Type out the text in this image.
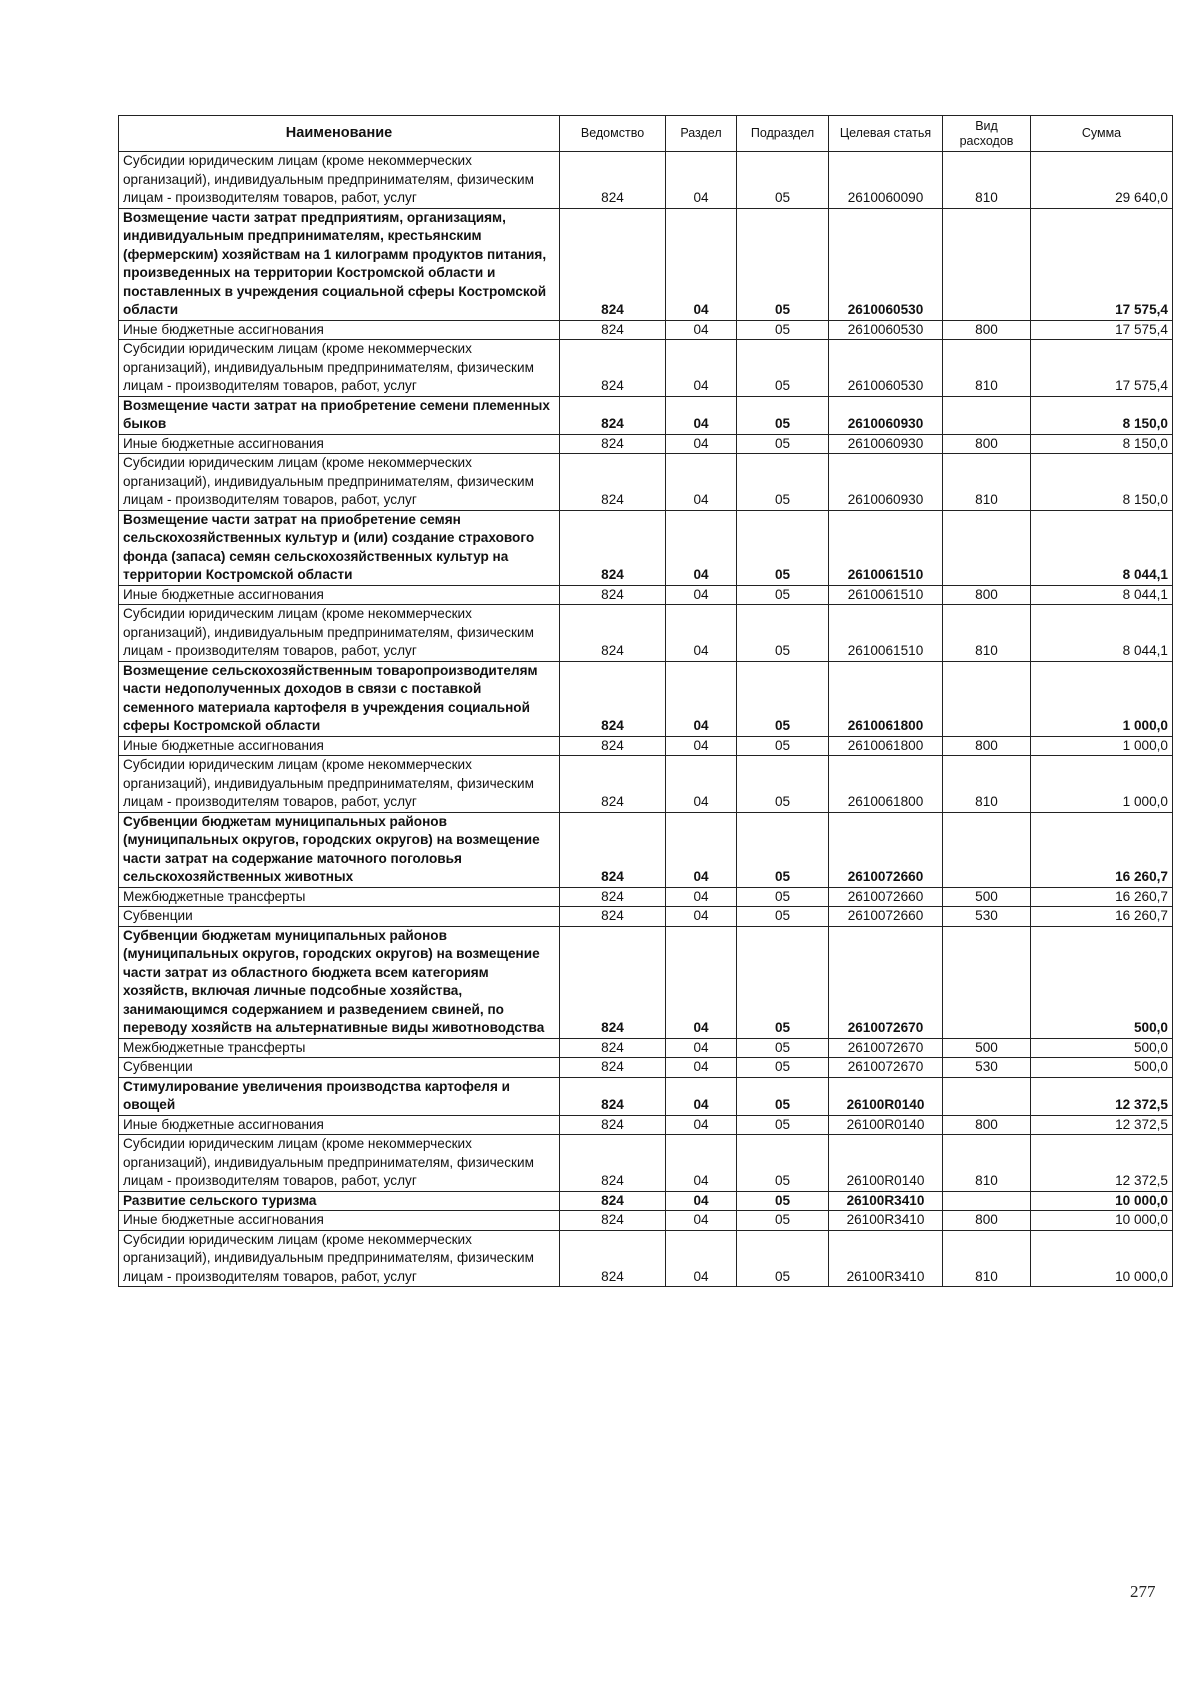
Наименование	Ведомство	Раздел	Подраздел	Целевая статья	Вид расходов	Сумма
Субсидии юридическим лицам (кроме некоммерческих организаций), индивидуальным предпринимателям, физическим лицам - производителям товаров, работ, услуг	824	04	05	2610060090	810	29 640,0
Возмещение части затрат предприятиям, организациям, индивидуальным предпринимателям, крестьянским (фермерским) хозяйствам на 1 килограмм продуктов питания, произведенных на территории Костромской области и поставленных в учреждения социальной сферы Костромской области	824	04	05	2610060530		17 575,4
Иные бюджетные ассигнования	824	04	05	2610060530	800	17 575,4
Субсидии юридическим лицам (кроме некоммерческих организаций), индивидуальным предпринимателям, физическим лицам - производителям товаров, работ, услуг	824	04	05	2610060530	810	17 575,4
Возмещение части затрат на приобретение семени племенных быков	824	04	05	2610060930		8 150,0
Иные бюджетные ассигнования	824	04	05	2610060930	800	8 150,0
Субсидии юридическим лицам (кроме некоммерческих организаций), индивидуальным предпринимателям, физическим лицам - производителям товаров, работ, услуг	824	04	05	2610060930	810	8 150,0
Возмещение части затрат на приобретение семян сельскохозяйственных культур и (или) создание страхового фонда (запаса) семян сельскохозяйственных культур на территории Костромской области	824	04	05	2610061510		8 044,1
Иные бюджетные ассигнования	824	04	05	2610061510	800	8 044,1
Субсидии юридическим лицам (кроме некоммерческих организаций), индивидуальным предпринимателям, физическим лицам - производителям товаров, работ, услуг	824	04	05	2610061510	810	8 044,1
Возмещение сельскохозяйственным товаропроизводителям части недополученных доходов в связи с поставкой семенного материала картофеля в учреждения социальной сферы Костромской области	824	04	05	2610061800		1 000,0
Иные бюджетные ассигнования	824	04	05	2610061800	800	1 000,0
Субсидии юридическим лицам (кроме некоммерческих организаций), индивидуальным предпринимателям, физическим лицам - производителям товаров, работ, услуг	824	04	05	2610061800	810	1 000,0
Субвенции бюджетам муниципальных районов (муниципальных округов, городских округов) на возмещение части затрат на содержание маточного поголовья сельскохозяйственных животных	824	04	05	2610072660		16 260,7
Межбюджетные трансферты	824	04	05	2610072660	500	16 260,7
Субвенции	824	04	05	2610072660	530	16 260,7
Субвенции бюджетам муниципальных районов (муниципальных округов, городских округов) на возмещение части затрат из областного бюджета всем категориям хозяйств, включая личные подсобные хозяйства, занимающимся содержанием и разведением свиней, по переводу хозяйств на альтернативные виды животноводства	824	04	05	2610072670		500,0
Межбюджетные трансферты	824	04	05	2610072670	500	500,0
Субвенции	824	04	05	2610072670	530	500,0
Стимулирование увеличения производства картофеля и овощей	824	04	05	26100R0140		12 372,5
Иные бюджетные ассигнования	824	04	05	26100R0140	800	12 372,5
Субсидии юридическим лицам (кроме некоммерческих организаций), индивидуальным предпринимателям, физическим лицам - производителям товаров, работ, услуг	824	04	05	26100R0140	810	12 372,5
Развитие сельского туризма	824	04	05	26100R3410		10 000,0
Иные бюджетные ассигнования	824	04	05	26100R3410	800	10 000,0
Субсидии юридическим лицам (кроме некоммерческих организаций), индивидуальным предпринимателям, физическим лицам - производителям товаров, работ, услуг	824	04	05	26100R3410	810	10 000,0
277
